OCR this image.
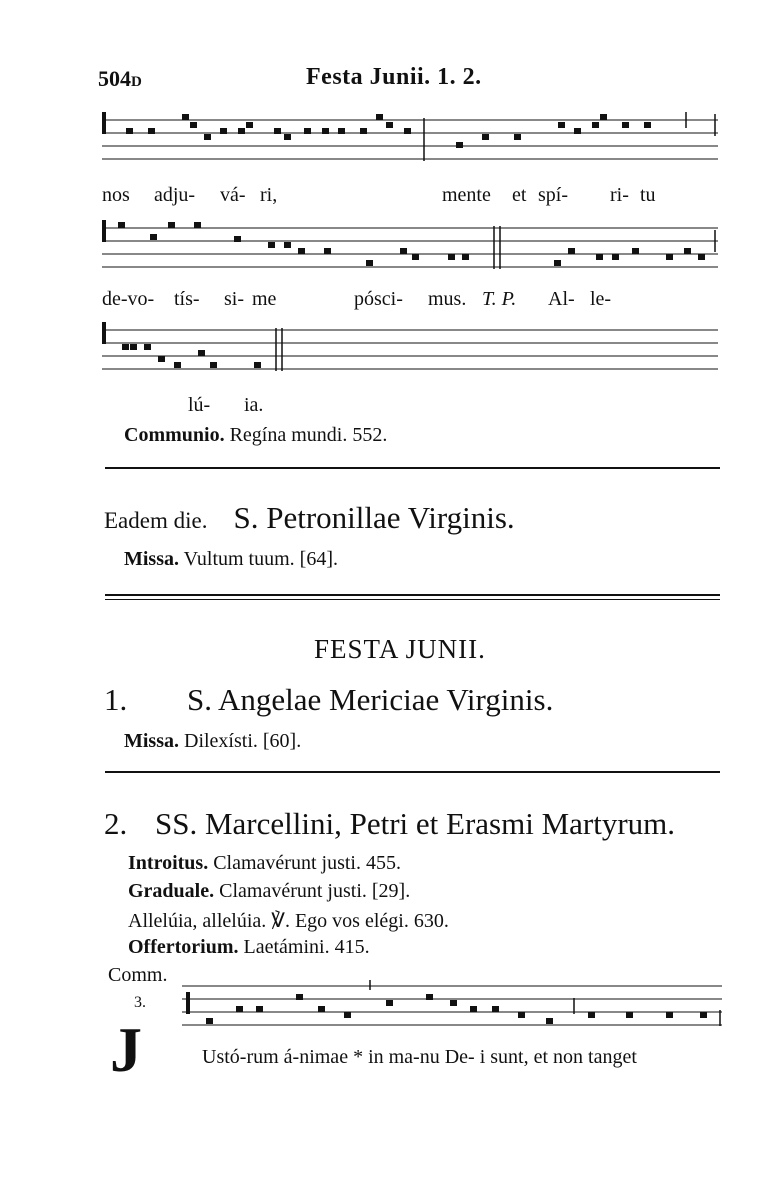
504D	Festa Junii. 1. 2.
nos adju- vá- ri,	mente et spí- ri- tu
de-vo- tís- si- me	pósci- mus. T. P. Al- le-
lú- ia.
Communio. Regína mundi. 552.
Eadem die. S. Petronillae Virginis.
Missa. Vultum tuum. [64].
FESTA JUNII.
1. S. Angelae Mericiae Virginis.
Missa. Dilexísti. [60].
2. SS. Marcellini, Petri et Erasmi Martyrum.
Introitus. Clamavérunt justi. 455.
Graduale. Clamavérunt justi. [29].
Allelúia, allelúia. ℣. Ego vos elégi. 630.
Offertorium. Laetámini. 415.
Comm.
3.
J	Ustó-rum á-nimae * in ma-nu De- i sunt, et non tanget
